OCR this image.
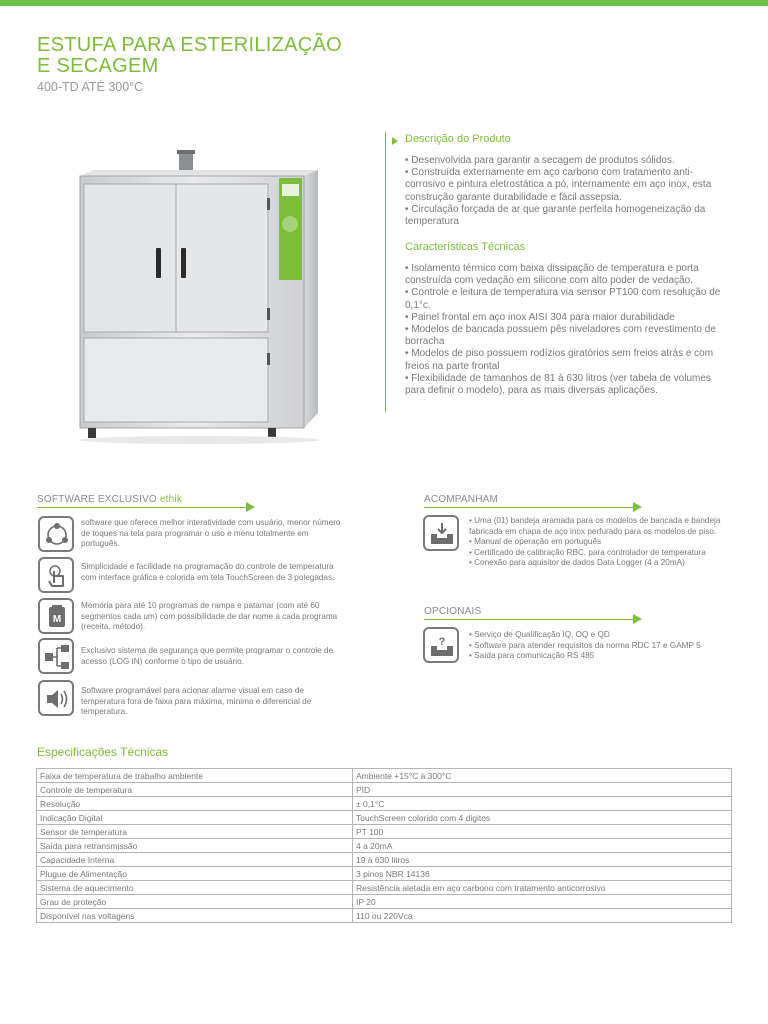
ESTUFA PARA ESTERILIZAÇÃO
E SECAGEM
400-TD ATÉ 300°C
Descrição do Produto

• Desenvolvida para garantir a secagem de produtos sólidos.

• Construída externamente em aço carbono com tratamento anti-corrosivo e pintura eletrostática a pó, internamente em aço inox, esta construção garante durabilidade e fácil assepsia.

• Circulação forçada de ar que garante perfeita homogeneização da temperatura

Características Técnicas

• Isolamento térmico com baixa dissipação de temperatura e porta construída com vedação em silicone com alto poder de vedação.

• Controle e leitura de temperatura via sensor PT100 com resolução de 0,1°c.

• Painel frontal em aço inox AISI 304 para maior durabilidade

• Modelos de bancada possuem pês niveladores com revestimento de borracha

• Modelos de piso possuem rodízios giratórios sem freios atrás e com freios na parte frontal

• Flexibilidade de tamanhos de 81 à 630 litros (ver tabela de volumes para definir o modelo), para as mais diversas aplicações.

SOFTWARE EXCLUSIVO ethik
software que oferece melhor interatividade com usuário, menor número de toques na tela para programar o uso e menu totalmente em português.
Simplicidade e facilidade na programação do controle de temperatura com interface gráfica e colorida em tela TouchScreen de 3 polegadas.
M
Memória para até 10 programas de rampa e patamar (com até 60 segmentos cada um) com possibilidade de dar nome a cada programa (receita, método).
Exclusivo sistema de segurança que permite programar o controle de acesso (LOG IN) conforme o tipo de usuário.
Software programável para acionar alarme visual em caso de temperatura fora de faixa para máxima, mínima e diferencial de temperatura.
ACOMPANHAM

• Uma (01) bandeja aramada para os modelos de bancada e bandeja fabricada em chapa de aço inox perfurado para os modelos de piso.

• Manual de operação em português

• Certificado de calibração RBC, para controlador de temperatura

• Conexão para aquisitor de dados Data Logger (4 a 20mA)

OPCIONAIS
?

• Serviço de Qualificação IQ, OQ e QD

• Software para atender requisitos da norma RDC 17 e GAMP 5

• Saída para comunicação RS 485

Especificações Técnicas
Faixa de temperatura de trabalho ambiente	Ambiente +15°C à 300°C
Controle de temperatura	PID
Resolução	± 0,1°C
Indicação Digital	TouchScreen colorido com 4 digitos
Sensor de temperatura	PT 100
Saída para retransmissão	4 a 20mA
Capacidade Interna	19 à 630 litros
Plugue de Alimentação	3 pinos NBR 14136
Sistema de aquecimento	Resistência aletada em aço carbono com tratamento anticorrosivo
Grau de proteção	IP 20
Disponível nas voltagens	110 ou 220Vca
